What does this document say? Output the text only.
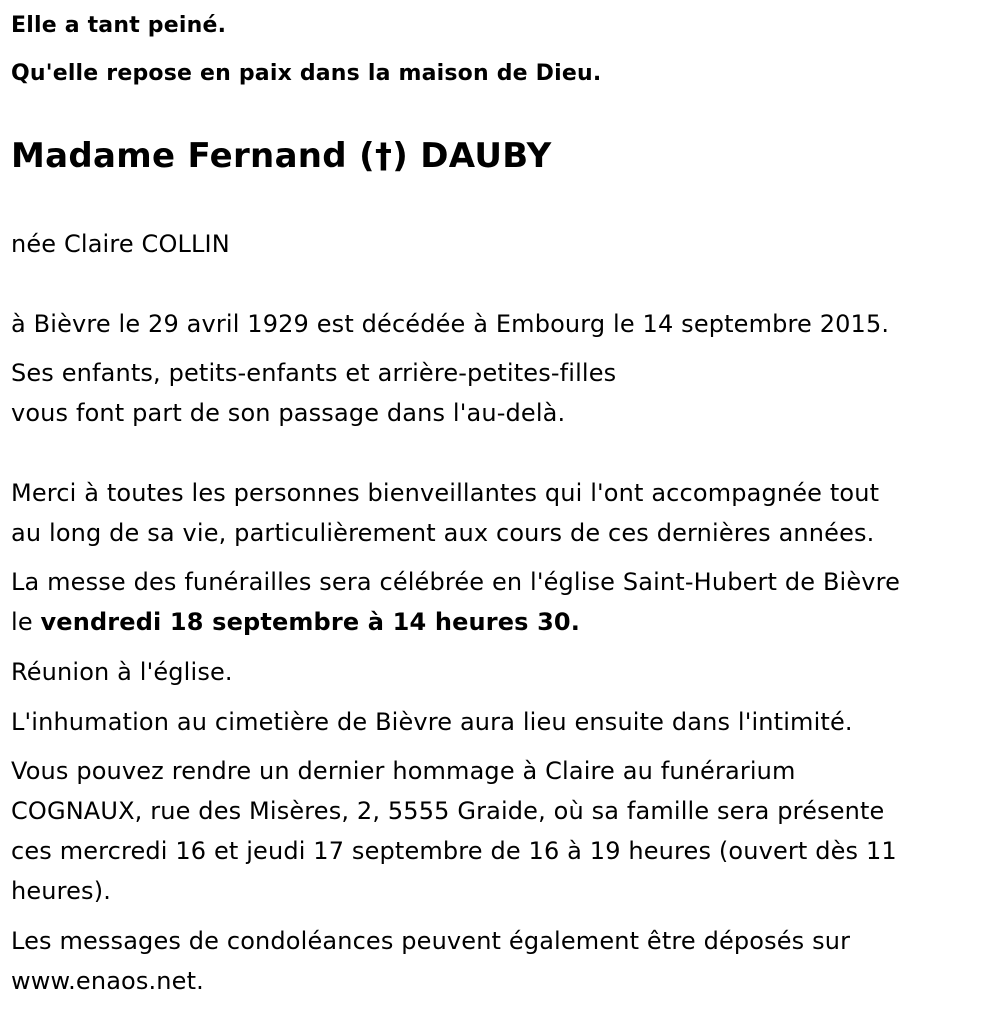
Elle a tant peiné.
Qu'elle repose en paix dans la maison de Dieu.
Madame Fernand (†) DAUBY
née Claire COLLIN
à Bièvre le 29 avril 1929 est décédée à Embourg le 14 septembre 2015.
Ses enfants, petits-enfants et arrière-petites-filles
vous font part de son passage dans l'au-delà.
Merci à toutes les personnes bienveillantes qui l'ont accompagnée tout
au long de sa vie, particulièrement aux cours de ces dernières années.
La messe des funérailles sera célébrée en l'église Saint-Hubert de Bièvre
le vendredi 18 septembre à 14 heures 30.
Réunion à l'église.
L'inhumation au cimetière de Bièvre aura lieu ensuite dans l'intimité.
Vous pouvez rendre un dernier hommage à Claire au funérarium
COGNAUX, rue des Misères, 2, 5555 Graide, où sa famille sera présente
ces mercredi 16 et jeudi 17 septembre de 16 à 19 heures (ouvert dès 11
heures).
Les messages de condoléances peuvent également être déposés sur
www.enaos.net.
